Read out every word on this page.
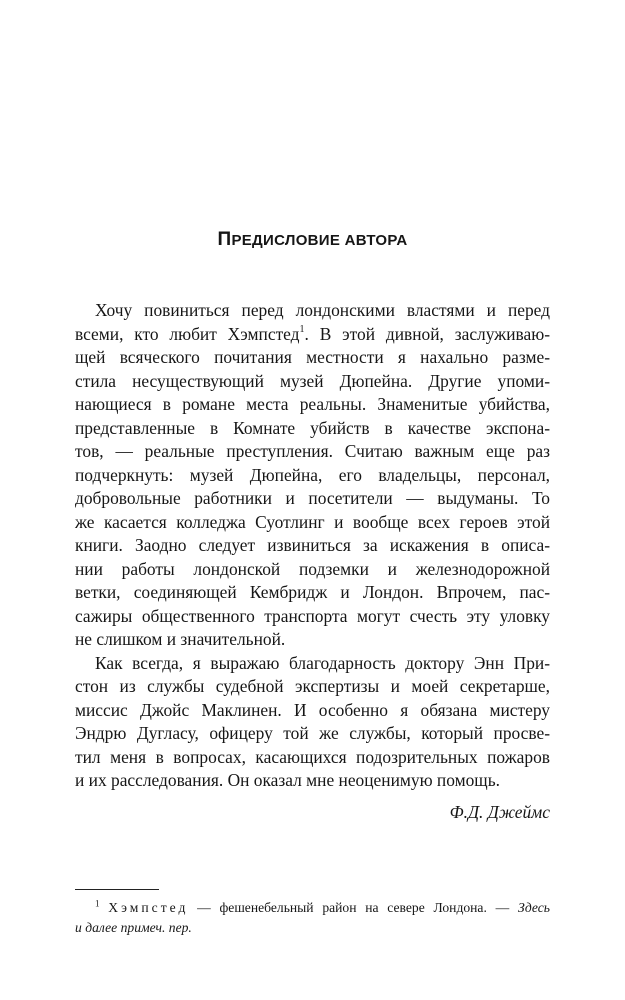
ПРЕДИСЛОВИЕ АВТОРА
Хочу повиниться перед лондонскими властями и перед
всеми, кто любит Хэмпстед$^1$. В этой дивной, заслуживаю-
щей всяческого почитания местности я нахально разме-
стила несуществующий музей Дюпейна. Другие упоми-
нающиеся в романе места реальны. Знаменитые убийства,
представленные в Комнате убийств в качестве экспона-
тов, — реальные преступления. Считаю важным еще раз
подчеркнуть: музей Дюпейна, его владельцы, персонал,
добровольные работники и посетители — выдуманы. То
же касается колледжа Суотлинг и вообще всех героев этой
книги. Заодно следует извиниться за искажения в описа-
нии работы лондонской подземки и железнодорожной
ветки, соединяющей Кембридж и Лондон. Впрочем, пас-
сажиры общественного транспорта могут счесть эту уловку
не слишком и значительной.
Как всегда, я выражаю благодарность доктору Энн При-
стон из службы судебной экспертизы и моей секретарше,
миссис Джойс Маклинен. И особенно я обязана мистеру
Эндрю Дугласу, офицеру той же службы, который просве-
тил меня в вопросах, касающихся подозрительных пожаров
и их расследования. Он оказал мне неоценимую помощь.
Ф.Д. Джеймс
$^1$ Хэмпстед — фешенебельный район на севере Лондона. — Здесь
и далее примеч. пер.
